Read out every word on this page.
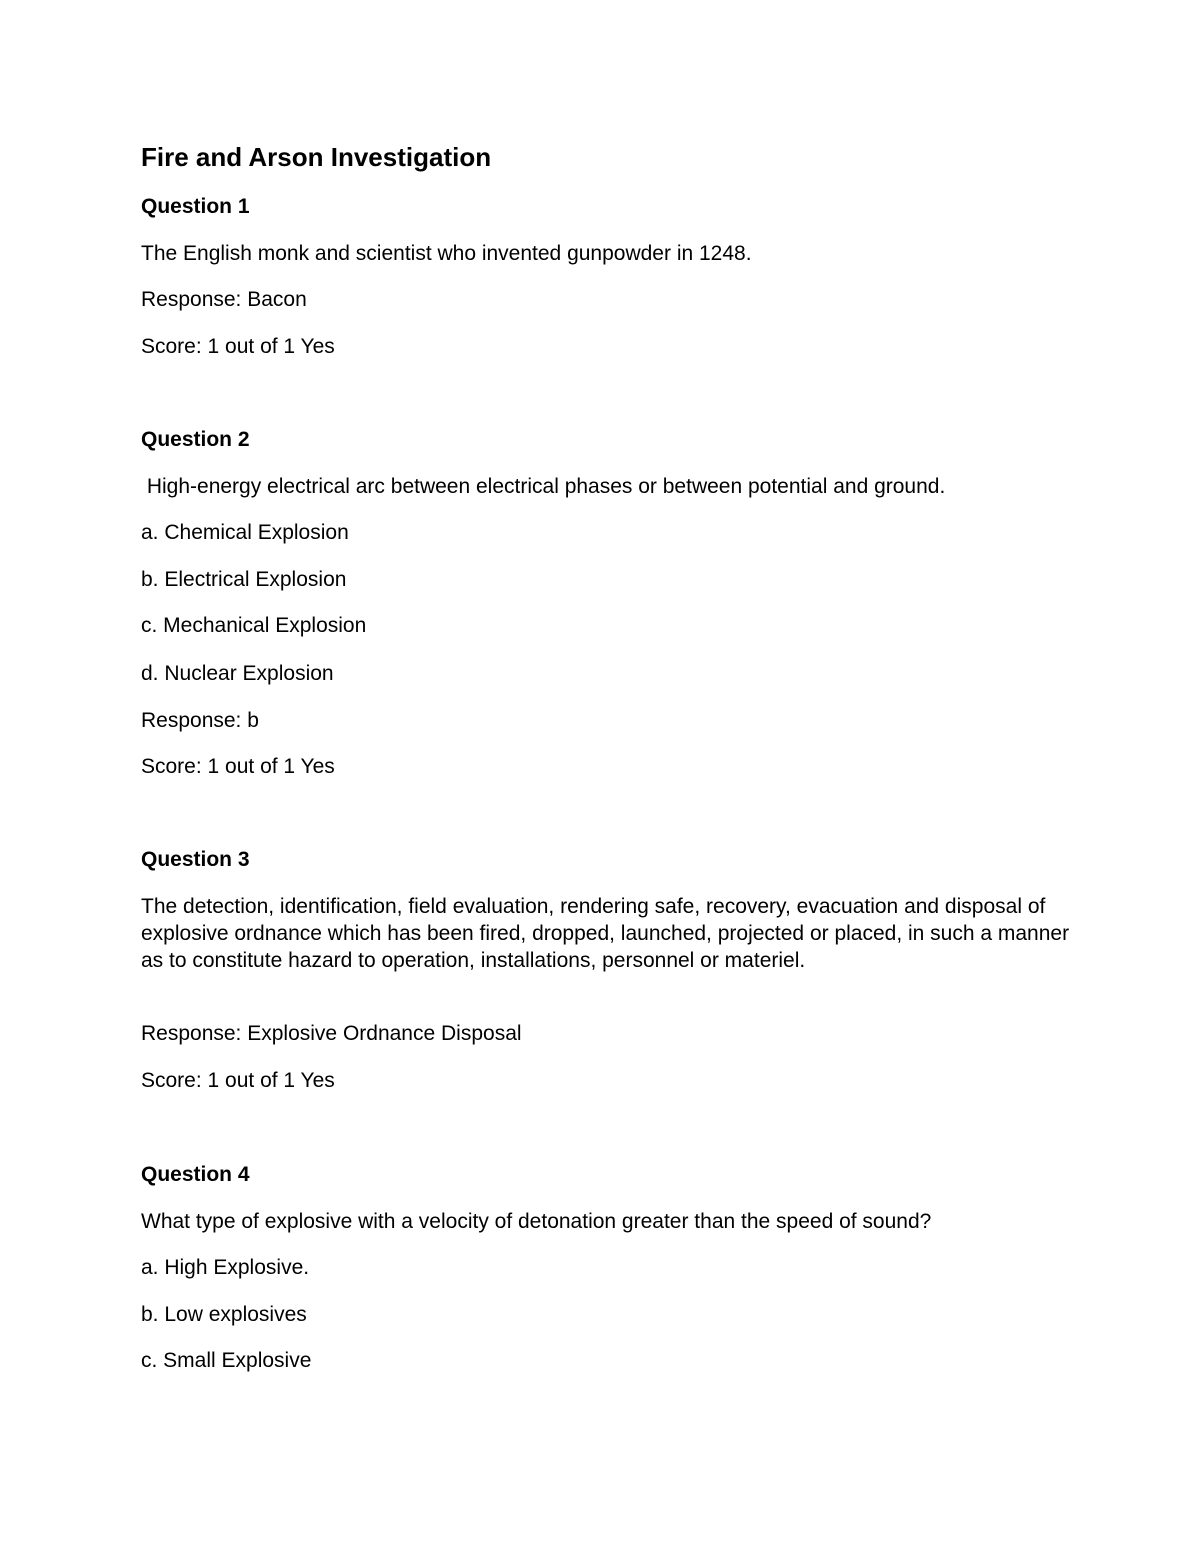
Fire and Arson Investigation

Question 1

The English monk and scientist who invented gunpowder in 1248.

Response: Bacon

Score: 1 out of 1 Yes

Question 2

High-energy electrical arc between electrical phases or between potential and ground.

a. Chemical Explosion

b. Electrical Explosion

c. Mechanical Explosion

d. Nuclear Explosion

Response: b

Score: 1 out of 1 Yes

Question 3

The detection, identification, field evaluation, rendering safe, recovery, evacuation and disposal of explosive ordnance which has been fired, dropped, launched, projected or placed, in such a manner as to constitute hazard to operation, installations, personnel or materiel.

Response: Explosive Ordnance Disposal

Score: 1 out of 1 Yes

Question 4

What type of explosive with a velocity of detonation greater than the speed of sound?

a. High Explosive.

b. Low explosives

c. Small Explosive
